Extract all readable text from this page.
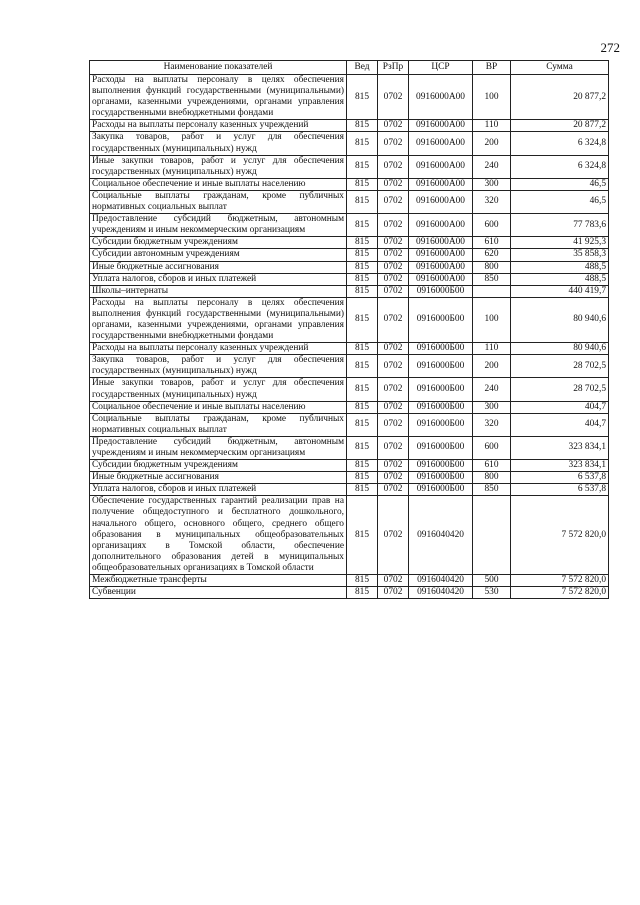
272
Наименование показателей	Вед	РзПр	ЦСР	ВР	Сумма
Расходы на выплаты персоналу в целях обеспечения выполнения функций государственными (муниципальными) органами, казенными учреждениями, органами управления государственными внебюджетными фондами	815	0702	0916000А00	100	20 877,2
Расходы на выплаты персоналу казенных учреждений	815	0702	0916000А00	110	20 877,2
Закупка товаров, работ и услуг для обеспечения государственных (муниципальных) нужд	815	0702	0916000А00	200	6 324,8
Иные закупки товаров, работ и услуг для обеспечения государственных (муниципальных) нужд	815	0702	0916000А00	240	6 324,8
Социальное обеспечение и иные выплаты населению	815	0702	0916000А00	300	46,5
Социальные выплаты гражданам, кроме публичных нормативных социальных выплат	815	0702	0916000А00	320	46,5
Предоставление субсидий бюджетным, автономным учреждениям и иным некоммерческим организациям	815	0702	0916000А00	600	77 783,6
Субсидии бюджетным учреждениям	815	0702	0916000А00	610	41 925,3
Субсидии автономным учреждениям	815	0702	0916000А00	620	35 858,3
Иные бюджетные ассигнования	815	0702	0916000А00	800	488,5
Уплата налогов, сборов и иных платежей	815	0702	0916000А00	850	488,5
Школы–интернаты	815	0702	0916000Б00		440 419,7
Расходы на выплаты персоналу в целях обеспечения выполнения функций государственными (муниципальными) органами, казенными учреждениями, органами управления государственными внебюджетными фондами	815	0702	0916000Б00	100	80 940,6
Расходы на выплаты персоналу казенных учреждений	815	0702	0916000Б00	110	80 940,6
Закупка товаров, работ и услуг для обеспечения государственных (муниципальных) нужд	815	0702	0916000Б00	200	28 702,5
Иные закупки товаров, работ и услуг для обеспечения государственных (муниципальных) нужд	815	0702	0916000Б00	240	28 702,5
Социальное обеспечение и иные выплаты населению	815	0702	0916000Б00	300	404,7
Социальные выплаты гражданам, кроме публичных нормативных социальных выплат	815	0702	0916000Б00	320	404,7
Предоставление субсидий бюджетным, автономным учреждениям и иным некоммерческим организациям	815	0702	0916000Б00	600	323 834,1
Субсидии бюджетным учреждениям	815	0702	0916000Б00	610	323 834,1
Иные бюджетные ассигнования	815	0702	0916000Б00	800	6 537,8
Уплата налогов, сборов и иных платежей	815	0702	0916000Б00	850	6 537,8
Обеспечение государственных гарантий реализации прав на получение общедоступного и бесплатного дошкольного, начального общего, основного общего, среднего общего образования в муниципальных общеобразовательных организациях в Томской области, обеспечение дополнительного образования детей в муниципальных общеобразовательных организациях в Томской области	815	0702	0916040420		7 572 820,0
Межбюджетные трансферты	815	0702	0916040420	500	7 572 820,0
Субвенции	815	0702	0916040420	530	7 572 820,0
